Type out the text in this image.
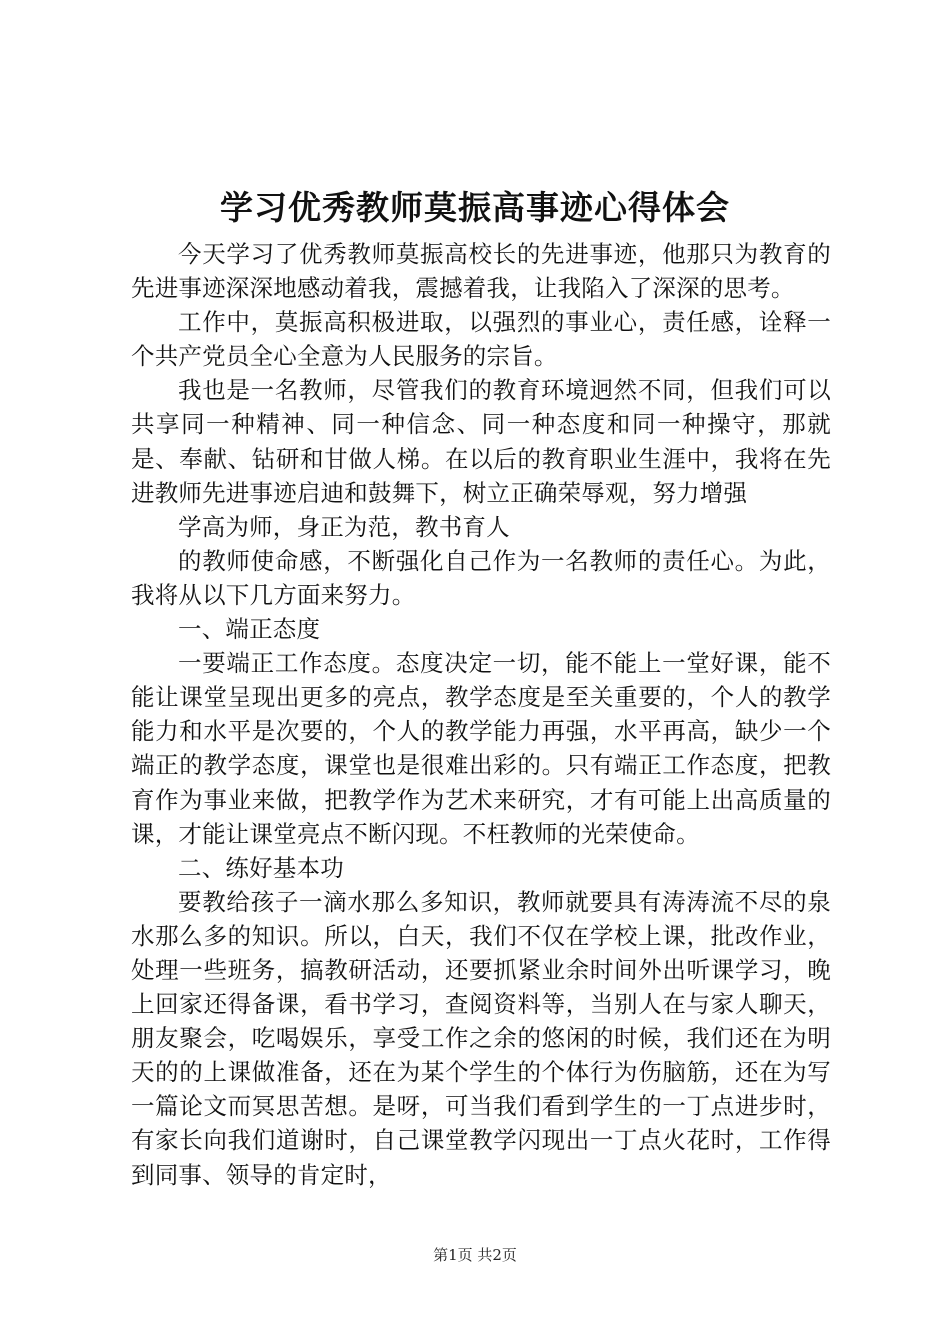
学习优秀教师莫振高事迹心得体会

今天学习了优秀教师莫振高校长的先进事迹，他那只为教育的先进事迹深深地感动着我，震撼着我，让我陷入了深深的思考。

工作中，莫振高积极进取，以强烈的事业心，责任感，诠释一个共产党员全心全意为人民服务的宗旨。

我也是一名教师，尽管我们的教育环境迥然不同，但我们可以共享同一种精神、同一种信念、同一种态度和同一种操守，那就是、奉献、钻研和甘做人梯。在以后的教育职业生涯中，我将在先进教师先进事迹启迪和鼓舞下，树立正确荣辱观，努力增强

学高为师，身正为范，教书育人

的教师使命感，不断强化自己作为一名教师的责任心。为此，我将从以下几方面来努力。

一、端正态度

一要端正工作态度。态度决定一切，能不能上一堂好课，能不能让课堂呈现出更多的亮点，教学态度是至关重要的，个人的教学能力和水平是次要的，个人的教学能力再强，水平再高，缺少一个端正的教学态度，课堂也是很难出彩的。只有端正工作态度，把教育作为事业来做，把教学作为艺术来研究，才有可能上出高质量的课，才能让课堂亮点不断闪现。不枉教师的光荣使命。

二、练好基本功

要教给孩子一滴水那么多知识，教师就要具有涛涛流不尽的泉水那么多的知识。所以，白天，我们不仅在学校上课，批改作业，处理一些班务，搞教研活动，还要抓紧业余时间外出听课学习，晚上回家还得备课，看书学习，查阅资料等，当别人在与家人聊天，朋友聚会，吃喝娱乐，享受工作之余的悠闲的时候，我们还在为明天的的上课做准备，还在为某个学生的个体行为伤脑筋，还在为写一篇论文而冥思苦想。是呀，可当我们看到学生的一丁点进步时，有家长向我们道谢时，自己课堂教学闪现出一丁点火花时，工作得到同事、领导的肯定时，

第1页 共2页
